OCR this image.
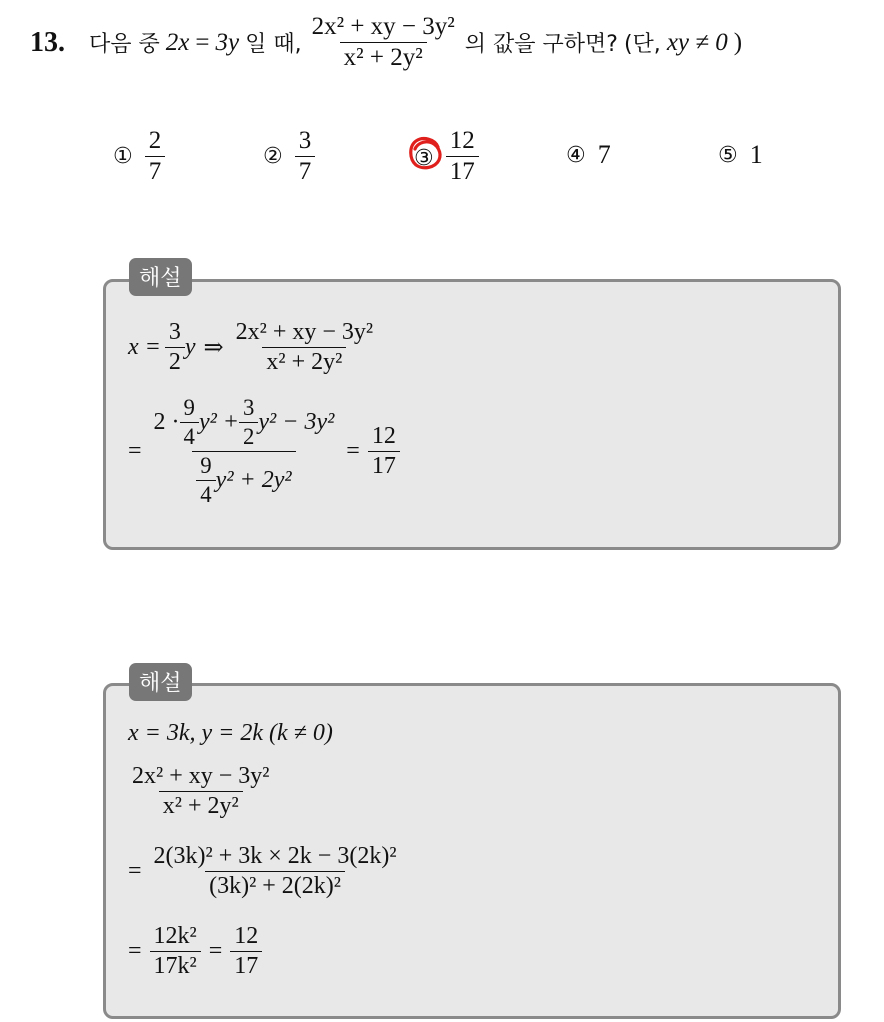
13. 다음 중 2x = 3y 일 때, $\frac{\text{2x² + xy − 3y²}}{\text{x² + 2y²}}$ 의 값을 구하면? (단, xy ≠ 0 )
① $\frac{2}{7}$	② $\frac{3}{7}$	③ $\frac{12}{17}$	④ 7	⑤ 1
$x = \frac{3}{2}$ y ⇒ $\frac{\text{2x² + xy − 3y²}}{\text{x² + 2y²}}$
=
$2 \cdot \frac{9}{4} y^2 + \frac{3}{2} y^2 - 3y^2$
$\frac{9}{4} y^2 + 2y^2$
= $\frac{12}{17}$
해설
x = 3k, y = 2k (k ≠ 0)
$\frac{\text{2x² + xy − 3y²}}{\text{x² + 2y²}}$
= $\frac{\text{2(3k)² + 3k × 2k − 3(2k)²}}{\text{(3k)² + 2(2k)²}}$
= $\frac{\text{12k²}}{\text{17k²}} = \frac{12}{17}$
해설
